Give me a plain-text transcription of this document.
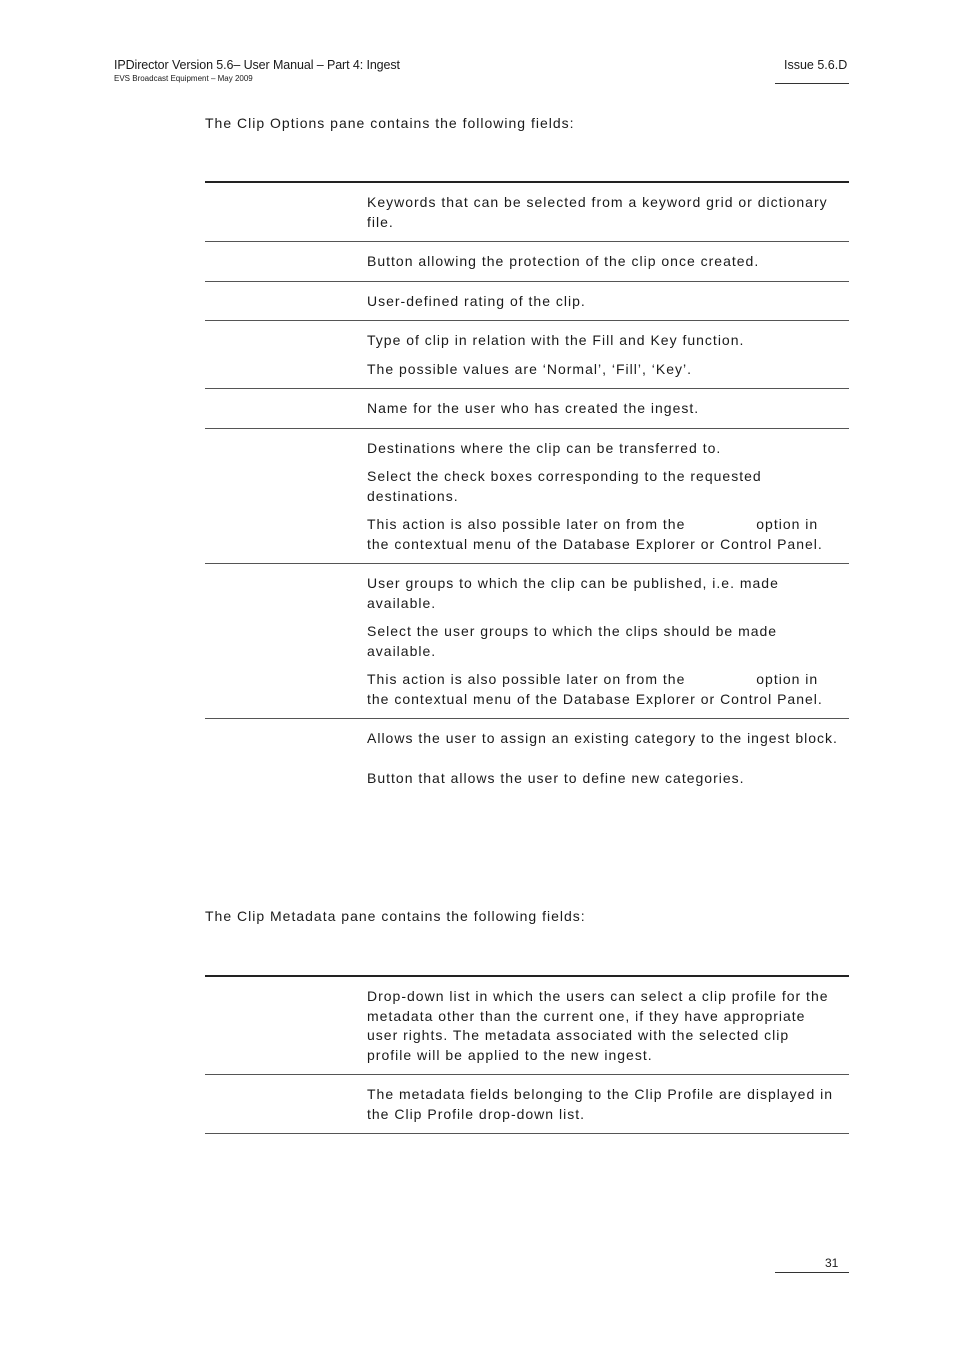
IPDirector Version 5.6– User Manual – Part 4: Ingest
EVS Broadcast Equipment – May 2009
Issue 5.6.D
The Clip Options pane contains the following fields:

Keywords that can be selected from a keyword grid or dictionary file.

Button allowing the protection of the clip once created.

User-defined rating of the clip.

Type of clip in relation with the Fill and Key function.

The possible values are ‘Normal’, ‘Fill’, ‘Key’.

Name for the user who has created the ingest.

Destinations where the clip can be transferred to.

Select the check boxes corresponding to the requested destinations.

This action is also possible later on from the	option in the contextual menu of the Database Explorer or Control Panel.

User groups to which the clip can be published, i.e. made available.

Select the user groups to which the clips should be made available.

This action is also possible later on from the	option in the contextual menu of the Database Explorer or Control Panel.

Allows the user to assign an existing category to the ingest block.

Button that allows the user to define new categories.

The Clip Metadata pane contains the following fields:

Drop-down list in which the users can select a clip profile for the metadata other than the current one, if they have appropriate user rights. The metadata associated with the selected clip profile will be applied to the new ingest.

The metadata fields belonging to the Clip Profile are displayed in the Clip Profile drop-down list.

31
